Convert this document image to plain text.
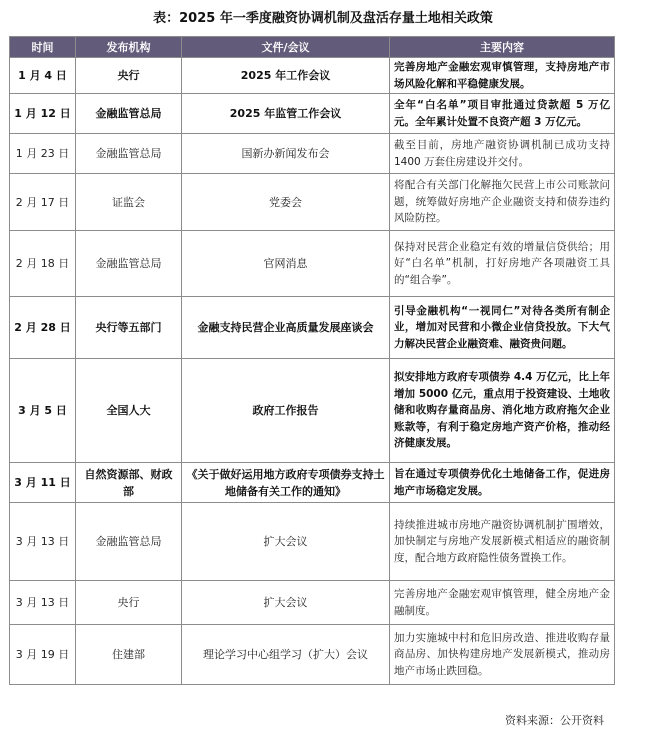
表：2025 年一季度融资协调机制及盘活存量土地相关政策
时间	发布机构	文件/会议	主要内容
1 月 4 日	央行	2025 年工作会议	完善房地产金融宏观审慎管理，支持房地产市场风险化解和平稳健康发展。
1 月 12 日	金融监管总局	2025 年监管工作会议	全年“白名单”项目审批通过贷款超 5 万亿元。全年累计处置不良资产超 3 万亿元。
1 月 23 日	金融监管总局	国新办新闻发布会	截至目前，房地产融资协调机制已成功支持 1400 万套住房建设并交付。
2 月 17 日	证监会	党委会	将配合有关部门化解拖欠民营上市公司账款问题，统筹做好房地产企业融资支持和债券违约风险防控。
2 月 18 日	金融监管总局	官网消息	保持对民营企业稳定有效的增量信贷供给；用好“白名单”机制，打好房地产各项融资工具的“组合拳”。
2 月 28 日	央行等五部门	金融支持民营企业高质量发展座谈会	引导金融机构“一视同仁”对待各类所有制企业，增加对民营和小微企业信贷投放。下大气力解决民营企业融资难、融资贵问题。
3 月 5 日	全国人大	政府工作报告	拟安排地方政府专项债券 4.4 万亿元，比上年增加 5000 亿元，重点用于投资建设、土地收储和收购存量商品房、消化地方政府拖欠企业账款等，有利于稳定房地产资产价格，推动经济健康发展。
3 月 11 日	自然资源部、财政部	《关于做好运用地方政府专项债券支持土地储备有关工作的通知》	旨在通过专项债券优化土地储备工作，促进房地产市场稳定发展。
3 月 13 日	金融监管总局	扩大会议	持续推进城市房地产融资协调机制扩围增效，加快制定与房地产发展新模式相适应的融资制度，配合地方政府隐性债务置换工作。
3 月 13 日	央行	扩大会议	完善房地产金融宏观审慎管理，健全房地产金融制度。
3 月 19 日	住建部	理论学习中心组学习（扩大）会议	加力实施城中村和危旧房改造、推进收购存量商品房、加快构建房地产发展新模式，推动房地产市场止跌回稳。
资料来源：公开资料
